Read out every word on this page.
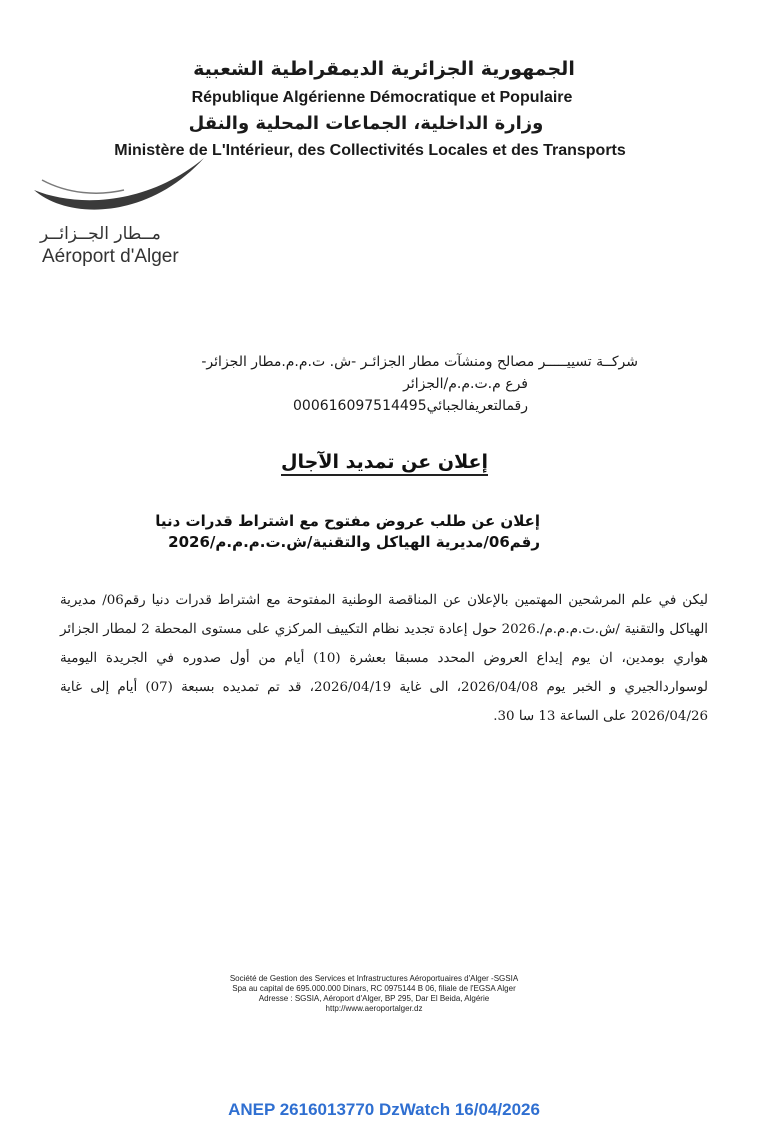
الجمهورية الجزائرية الديمقراطية الشعبية
République Algérienne Démocratique et Populaire
وزارة الداخلية، الجماعات المحلية والنقل
Ministère de L'Intérieur, des Collectivités Locales et des Transports
مــطار الجــزائــر
Aéroport d'Alger
شركــة تسييـــــر مصالح ومنشآت مطار الجزائـر -ش. ت.م.م.مطار الجزائر-
فرع م.ت.م.م/الجزائر
رقمالتعريفالجبائي000616097514495
إعلان عن تمديد الآجال
إعلان عن طلب عروض مفتوح مع اشتراط قدرات دنيا
رقم06/مديرية الهياكل والتقنية/ش.ت.م.م.م/2026
ليكن في علم المرشحين المهتمين بالإعلان عن المناقصة الوطنية المفتوحة مع اشتراط قدرات دنيا رقم06/ مديرية الهياكل والتقنية /ش.ت.م.م.م/.2026 حول إعادة تجديد نظام التكييف المركزي على مستوى المحطة 2 لمطار الجزائر هواري بومدين، ان يوم إيداع العروض المحدد مسبقا بعشرة (10) أيام من أول صدوره في الجريدة اليومية لوسواردالجيري و الخبر يوم 2026/04/08، الى غاية 2026/04/19، قد تم تمديده بسبعة (07) أيام إلى غاية 2026/04/26 على الساعة 13 سا 30.
Société de Gestion des Services et Infrastructures Aéroportuaires d'Alger -SGSIA
Spa au capital de 695.000.000 Dinars, RC 0975144 B 06, filiale de l'EGSA Alger
Adresse : SGSIA, Aéroport d'Alger, BP 295, Dar El Beida, Algérie
http://www.aeroportalger.dz
ANEP 2616013770 DzWatch 16/04/2026
